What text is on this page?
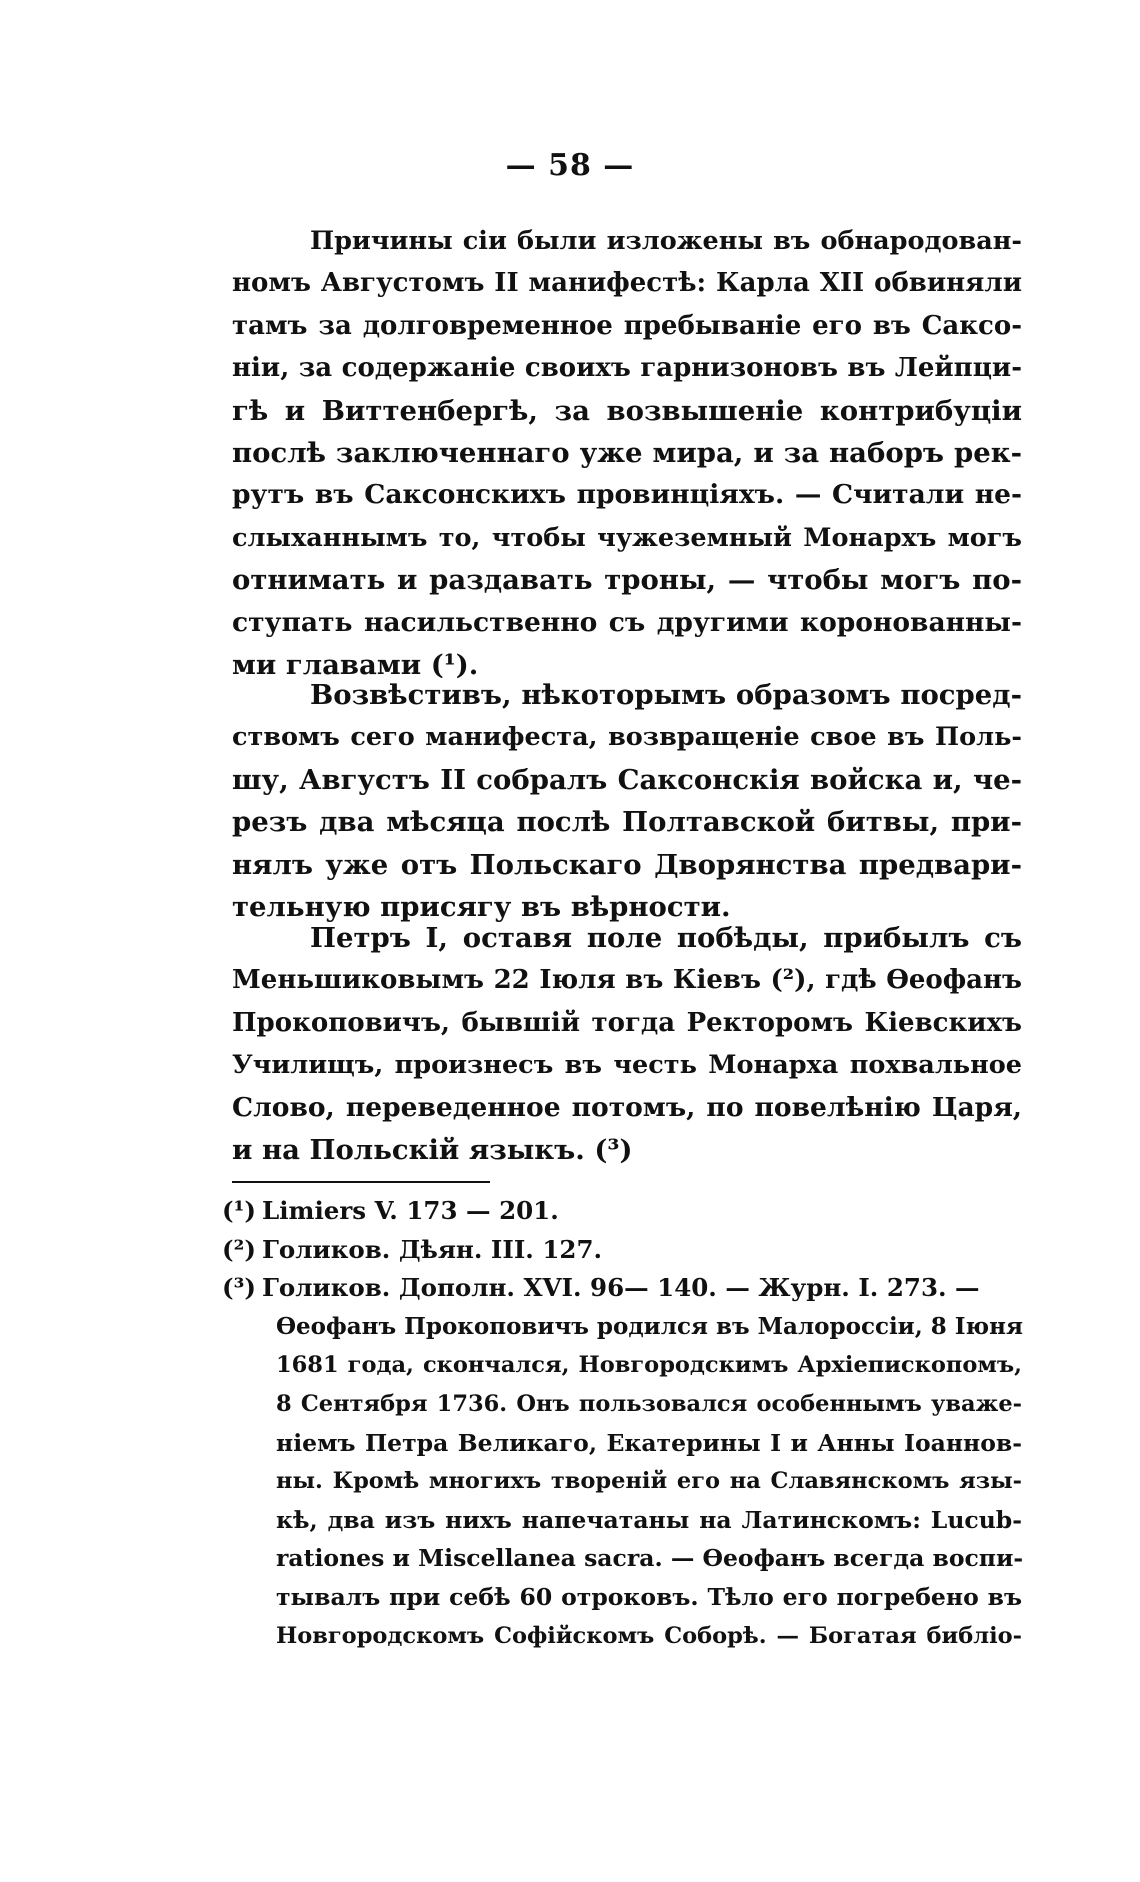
— 58 —
Причины сіи были изложены въ обнародован-
номъ Августомъ II манифестѣ: Карла XII обвиняли
тамъ за долговременное пребываніе его въ Саксо-
ніи, за содержаніе своихъ гарнизоновъ въ Лейпци-
гѣ и Виттенбергѣ, за возвышеніе контрибуціи
послѣ заключеннаго уже мира, и за наборъ рек-
рутъ въ Саксонскихъ провинціяхъ. — Считали не-
слыханнымъ то, чтобы чужеземный Монархъ могъ
отнимать и раздавать троны, — чтобы могъ по-
ступать насильственно съ другими коронованны-
ми главами (¹).
Возвѣстивъ, нѣкоторымъ образомъ посред-
ствомъ сего манифеста, возвращеніе свое въ Поль-
шу, Августъ II собралъ Саксонскія войска и, че-
резъ два мѣсяца послѣ Полтавской битвы, при-
нялъ уже отъ Польскаго Дворянства предвари-
тельную присягу въ вѣрности.
Петръ I, оставя поле побѣды, прибылъ съ
Меньшиковымъ 22 Іюля въ Кіевъ (²), гдѣ Ѳеофанъ
Прокоповичъ, бывшій тогда Ректоромъ Кіевскихъ
Училищъ, произнесъ въ честь Монарха похвальное
Слово, переведенное потомъ, по повелѣнію Царя,
и на Польскій языкъ. (³)
(¹) Limiers V. 173 — 201.
(²) Голиков. Дѣян. III. 127.
(³) Голиков. Дополн. XVI. 96— 140. — Журн. I. 273. —
Ѳеофанъ Прокоповичъ родился въ Малороссіи, 8 Іюня
1681 года, скончался, Новгородскимъ Архіепископомъ,
8 Сентября 1736. Онъ пользовался особеннымъ уваже-
ніемъ Петра Великаго, Екатерины I и Анны Іоаннов-
ны. Кромѣ многихъ твореній его на Славянскомъ язы-
кѣ, два изъ нихъ напечатаны на Латинскомъ: Lucub-
rationes и Miscellanea sacra. — Ѳеофанъ всегда воспи-
тывалъ при себѣ 60 отроковъ. Тѣло его погребено въ
Новгородскомъ Софійскомъ Соборѣ. — Богатая библіо-
